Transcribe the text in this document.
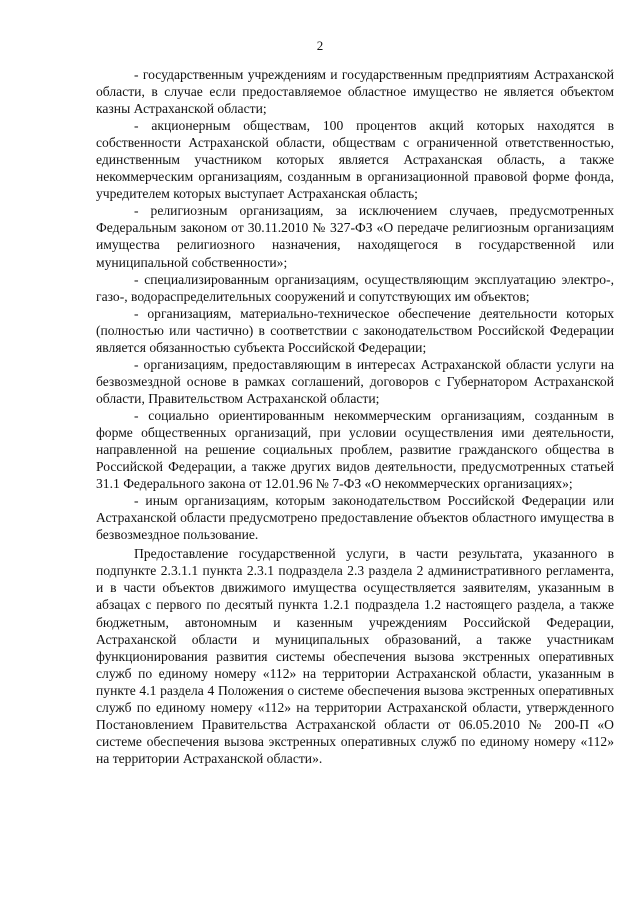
2

- государственным учреждениям и государственным предприятиям Астраханской области, в случае если предоставляемое областное имущество не является объектом казны Астраханской области;

- акционерным обществам, 100 процентов акций которых находятся в собственности Астраханской области, обществам с ограниченной ответственностью, единственным участником которых является Астраханская область, а также некоммерческим организациям, созданным в организационной правовой форме фонда, учредителем которых выступает Астраханская область;

- религиозным организациям, за исключением случаев, предусмотренных Федеральным законом от 30.11.2010 № 327-ФЗ «О передаче религиозным организациям имущества религиозного назначения, находящегося в государственной или муниципальной собственности»;

- специализированным организациям, осуществляющим эксплуатацию электро-, газо-, водораспределительных сооружений и сопутствующих им объектов;

- организациям, материально-техническое обеспечение деятельности которых (полностью или частично) в соответствии с законодательством Российской Федерации является обязанностью субъекта Российской Федерации;

- организациям, предоставляющим в интересах Астраханской области услуги на безвозмездной основе в рамках соглашений, договоров с Губернатором Астраханской области, Правительством Астраханской области;

- социально ориентированным некоммерческим организациям, созданным в форме общественных организаций, при условии осуществления ими деятельности, направленной на решение социальных проблем, развитие гражданского общества в Российской Федерации, а также других видов деятельности, предусмотренных статьей 31.1 Федерального закона от 12.01.96 № 7-ФЗ «О некоммерческих организациях»;

- иным организациям, которым законодательством Российской Федерации или Астраханской области предусмотрено предоставление объектов областного имущества в безвозмездное пользование.

Предоставление государственной услуги, в части результата, указанного в подпункте 2.3.1.1 пункта 2.3.1 подраздела 2.3 раздела 2 административного регламента, и в части объектов движимого имущества осуществляется заявителям, указанным в абзацах с первого по десятый пункта 1.2.1 подраздела 1.2 настоящего раздела, а также бюджетным, автономным и казенным учреждениям Российской Федерации, Астраханской области и муниципальных образований, а также участникам функционирования развития системы обеспечения вызова экстренных оперативных служб по единому номеру «112» на территории Астраханской области, указанным в пункте 4.1 раздела 4 Положения о системе обеспечения вызова экстренных оперативных служб по единому номеру «112» на территории Астраханской области, утвержденного Постановлением Правительства Астраханской области от 06.05.2010 № 200-П «О системе обеспечения вызова экстренных оперативных служб по единому номеру «112» на территории Астраханской области».
